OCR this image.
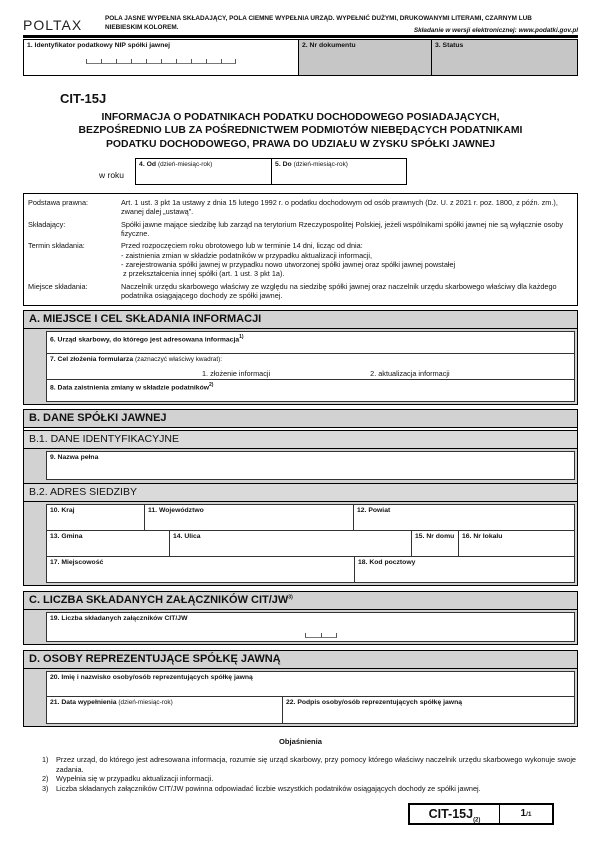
POLTAX	POLA JASNE WYPEŁNIA SKŁADAJĄCY, POLA CIEMNE WYPEŁNIA URZĄD. WYPEŁNIĆ DUŻYMI, DRUKOWANYMI LITERAMI, CZARNYM LUB NIEBIESKIM KOLOREM.	Składanie w wersji elektronicznej: www.podatki.gov.pl
1. Identyfikator podatkowy NIP spółki jawnej	2. Nr dokumentu	3. Status
CIT-15J
INFORMACJA O PODATNIKACH PODATKU DOCHODOWEGO POSIADAJĄCYCH,
BEZPOŚREDNIO LUB ZA POŚREDNICTWEM PODMIOTÓW NIEBĘDĄCYCH PODATNIKAMI
PODATKU DOCHODOWEGO, PRAWA DO UDZIAŁU W ZYSKU SPÓŁKI JAWNEJ
w roku
4. Od (dzień-miesiąc-rok)	5. Do (dzień-miesiąc-rok)
Podstawa prawna:	Art. 1 ust. 3 pkt 1a ustawy z dnia 15 lutego 1992 r. o podatku dochodowym od osób prawnych (Dz. U. z 2021 r. poz. 1800, z późn. zm.), zwanej dalej „ustawą”.
Składający:	Spółki jawne mające siedzibę lub zarząd na terytorium Rzeczypospolitej Polskiej, jeżeli wspólnikami spółki jawnej nie są wyłącznie osoby fizyczne.
Termin składania:	Przed rozpoczęciem roku obrotowego lub w terminie 14 dni, licząc od dnia:
- zaistnienia zmian w składzie podatników w przypadku aktualizacji informacji,
- zarejestrowania spółki jawnej w przypadku nowo utworzonej spółki jawnej oraz spółki jawnej powstałej
z przekształcenia innej spółki (art. 1 ust. 3 pkt 1a).
Miejsce składania:	Naczelnik urzędu skarbowego właściwy ze względu na siedzibę spółki jawnej oraz naczelnik urzędu skarbowego właściwy dla każdego podatnika osiągającego dochody ze spółki jawnej.
A. MIEJSCE I CEL SKŁADANIA INFORMACJI
6. Urząd skarbowy, do którego jest adresowana informacja$^{1)}$
7. Cel złożenia formularza (zaznaczyć właściwy kwadrat):
1. złożenie informacji	2. aktualizacja informacji
8. Data zaistnienia zmiany w składzie podatników$^{2)}$
B. DANE SPÓŁKI JAWNEJ
B.1. DANE IDENTYFIKACYJNE
9. Nazwa pełna
B.2. ADRES SIEDZIBY
10. Kraj	11. Województwo	12. Powiat
13. Gmina	14. Ulica	15. Nr domu	16. Nr lokalu
17. Miejscowość	18. Kod pocztowy
C. LICZBA SKŁADANYCH ZAŁĄCZNIKÓW CIT/JW$^{3)}$
19. Liczba składanych załączników CIT/JW
D. OSOBY REPREZENTUJĄCE SPÓŁKĘ JAWNĄ
20. Imię i nazwisko osoby/osób reprezentujących spółkę jawną
21. Data wypełnienia (dzień-miesiąc-rok)	22. Podpis osoby/osób reprezentujących spółkę jawną
Objaśnienia
1)	Przez urząd, do którego jest adresowana informacja, rozumie się urząd skarbowy, przy pomocy którego właściwy naczelnik urzędu skarbowego wykonuje swoje zadania.
2)	Wypełnia się w przypadku aktualizacji informacji.
3)	Liczba składanych załączników CIT/JW powinna odpowiadać liczbie wszystkich podatników osiągających dochody ze spółki jawnej.
CIT-$15J_{(2)}$
1/1
